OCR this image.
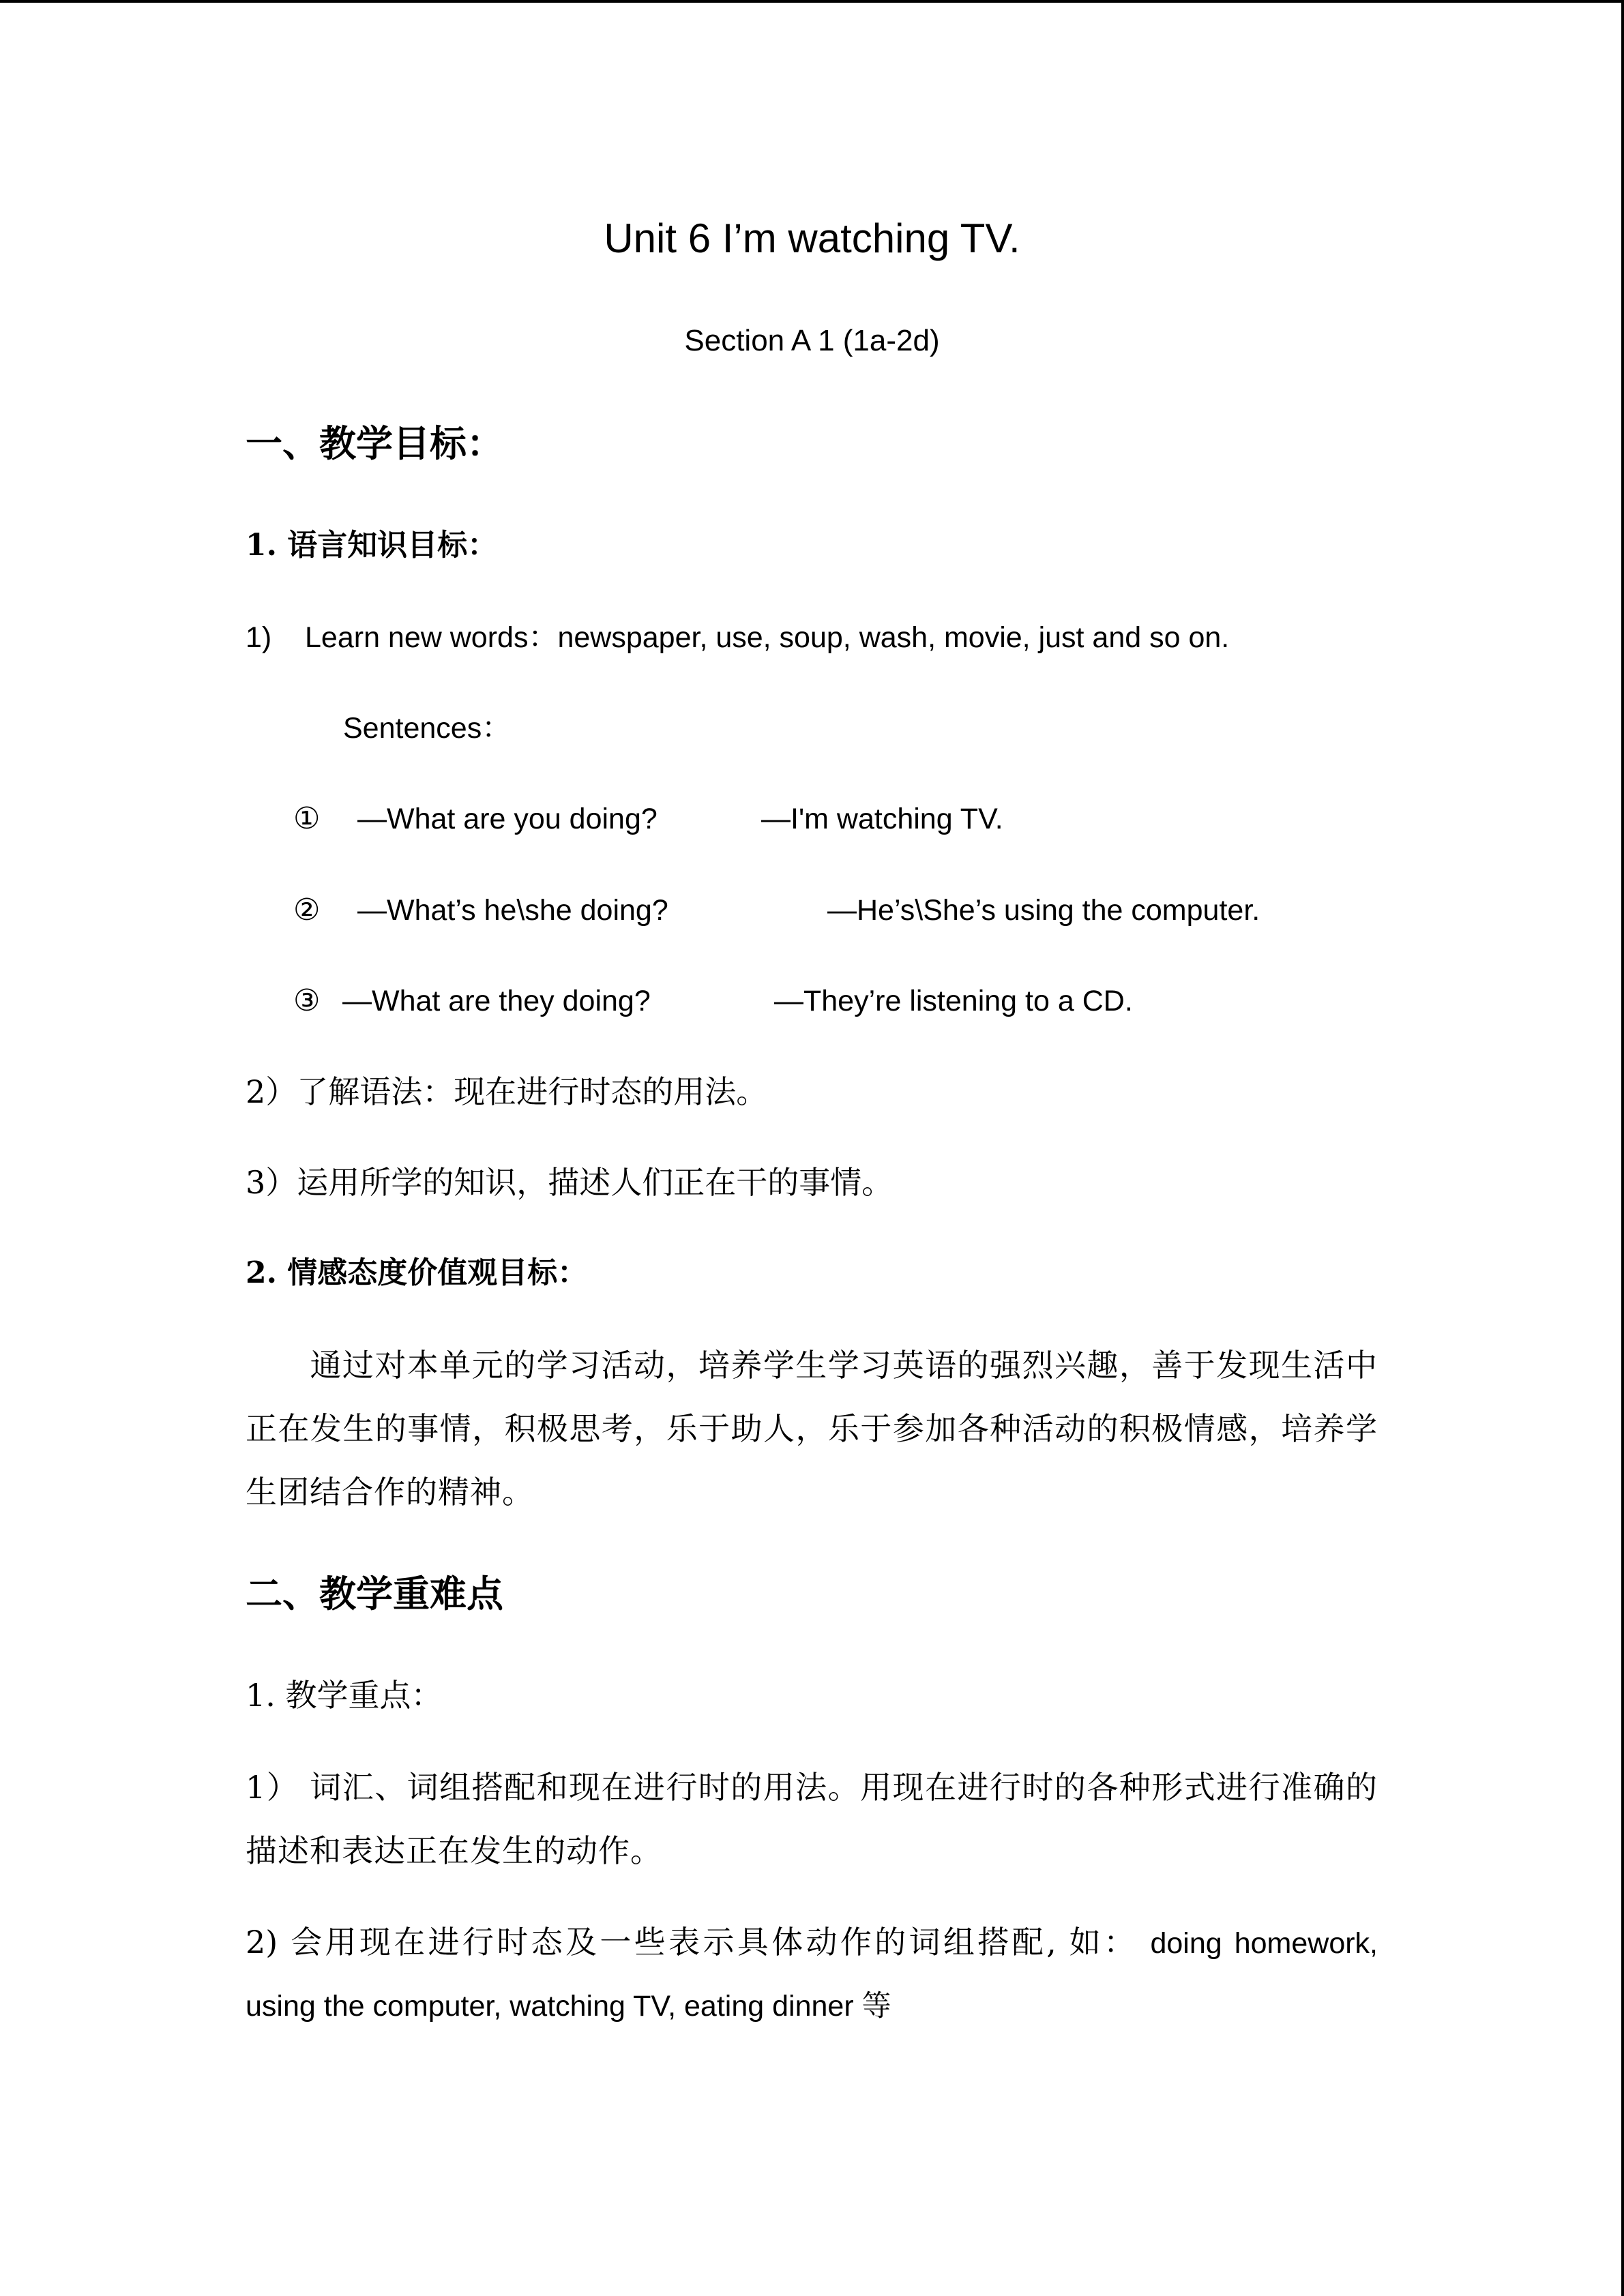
Unit 6 I’m watching TV.
Section A 1 (1a-2d)
一、教学目标：
1. 语言知识目标：
1) Learn new words：newspaper, use, soup, wash, movie, just and so on.
Sentences：
① —What are you doing?	—I'm watching TV.
② —What’s he\she doing?	—He’s\She’s using the computer.
③ —What are they doing?	—They’re listening to a CD.
2）了解语法：现在进行时态的用法。
3）运用所学的知识，描述人们正在干的事情。
2. 情感态度价值观目标：
通过对本单元的学习活动，培养学生学习英语的强烈兴趣，善于发现生活中正在发生的事情，积极思考，乐于助人，乐于参加各种活动的积极情感，培养学生团结合作的精神。
二、教学重难点
1. 教学重点：
1） 词汇、词组搭配和现在进行时的用法。用现在进行时的各种形式进行准确的描述和表达正在发生的动作。
2) 会用现在进行时态及一些表示具体动作的词组搭配, 如： doing homework,
using the computer, watching TV, eating dinner 等
